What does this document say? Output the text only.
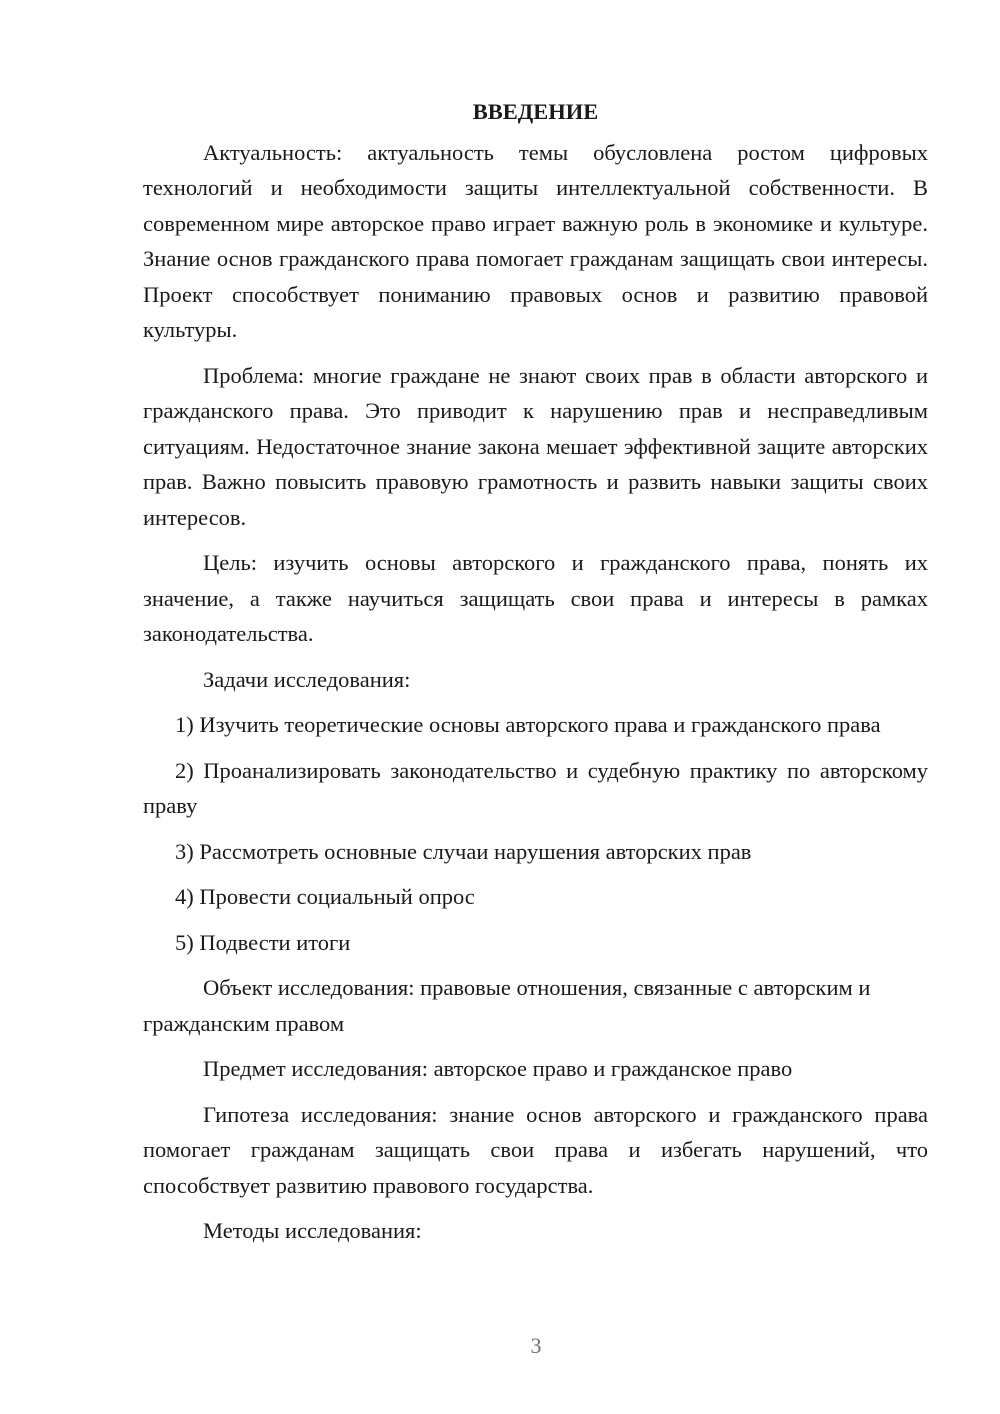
ВВЕДЕНИЕ

Актуальность: актуальность темы обусловлена ростом цифровых технологий и необходимости защиты интеллектуальной собственности. В современном мире авторское право играет важную роль в экономике и культуре. Знание основ гражданского права помогает гражданам защищать свои интересы. Проект способствует пониманию правовых основ и развитию правовой культуры.

Проблема: многие граждане не знают своих прав в области авторского и гражданского права. Это приводит к нарушению прав и несправедливым ситуациям. Недостаточное знание закона мешает эффективной защите авторских прав. Важно повысить правовую грамотность и развить навыки защиты своих интересов.

Цель: изучить основы авторского и гражданского права, понять их значение, а также научиться защищать свои права и интересы в рамках законодательства.

Задачи исследования:

1) Изучить теоретические основы авторского права и гражданского права

2) Проанализировать законодательство и судебную практику по авторскому праву

3) Рассмотреть основные случаи нарушения авторских прав

4) Провести социальный опрос

5) Подвести итоги

Объект исследования: правовые отношения, связанные с авторским и гражданским правом

Предмет исследования: авторское право и гражданское право

Гипотеза исследования: знание основ авторского и гражданского права помогает гражданам защищать свои права и избегать нарушений, что способствует развитию правового государства.

Методы исследования:

3
